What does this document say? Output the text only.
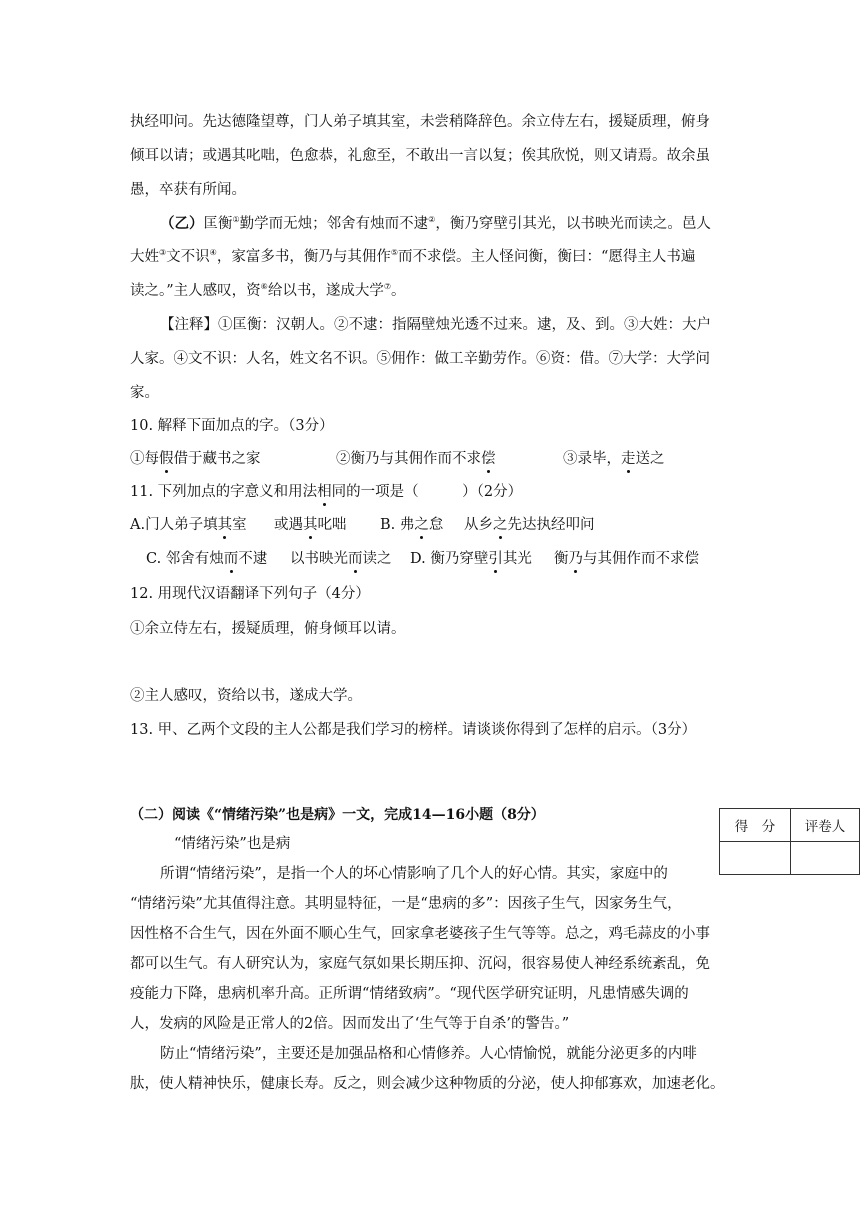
执经叩问。先达德隆望尊，门人弟子填其室，未尝稍降辞色。余立侍左右，援疑质理，俯身
倾耳以请；或遇其叱咄，色愈恭，礼愈至，不敢出一言以复；俟其欣悦，则又请焉。故余虽
愚，卒获有所闻。
（乙）匡衡①勤学而无烛；邻舍有烛而不逮②，衡乃穿壁引其光，以书映光而读之。邑人
大姓③文不识④，家富多书，衡乃与其佣作⑤而不求偿。主人怪问衡，衡曰：“愿得主人书遍
读之。”主人感叹，资⑥给以书，遂成大学⑦。
【注释】①匡衡：汉朝人。②不逮：指隔壁烛光透不过来。逮，及、到。③大姓：大户
人家。④文不识：人名，姓文名不识。⑤佣作：做工辛勤劳作。⑥资：借。⑦大学：大学问
家。
10. 解释下面加点的字。（3分）
①每假借于藏书之家	②衡乃与其佣作而不求偿	③录毕，走送之
11. 下列加点的字意义和用法相同的一项是（　　　）（2分）
A.门人弟子填其室 或遇其叱咄 B. 弗之怠 从乡之先达执经叩问
C. 邻舍有烛而不逮 以书映光而读之 D. 衡乃穿壁引其光 衡乃与其佣作而不求偿
12. 用现代汉语翻译下列句子（4分）
①余立侍左右，援疑质理，俯身倾耳以请。
②主人感叹，资给以书，遂成大学。
13. 甲、乙两个文段的主人公都是我们学习的榜样。请谈谈你得到了怎样的启示。（3分）
（二）阅读《“情绪污染”也是病》一文，完成14—16小题（8分）
“情绪污染”也是病
所谓“情绪污染”，是指一个人的坏心情影响了几个人的好心情。其实，家庭中的
“情绪污染”尤其值得注意。其明显特征，一是“患病的多”：因孩子生气，因家务生气，
因性格不合生气，因在外面不顺心生气，回家拿老婆孩子生气等等。总之，鸡毛蒜皮的小事
都可以生气。有人研究认为，家庭气氛如果长期压抑、沉闷，很容易使人神经系统紊乱，免
疫能力下降，患病机率升高。正所谓“情绪致病”。“现代医学研究证明，凡患情感失调的
人，发病的风险是正常人的2倍。因而发出了‘生气等于自杀’的警告。”
防止“情绪污染”，主要还是加强品格和心情修养。人心情愉悦，就能分泌更多的内啡
肽，使人精神快乐，健康长寿。反之，则会减少这种物质的分泌，使人抑郁寡欢，加速老化。
得　分	评卷人
